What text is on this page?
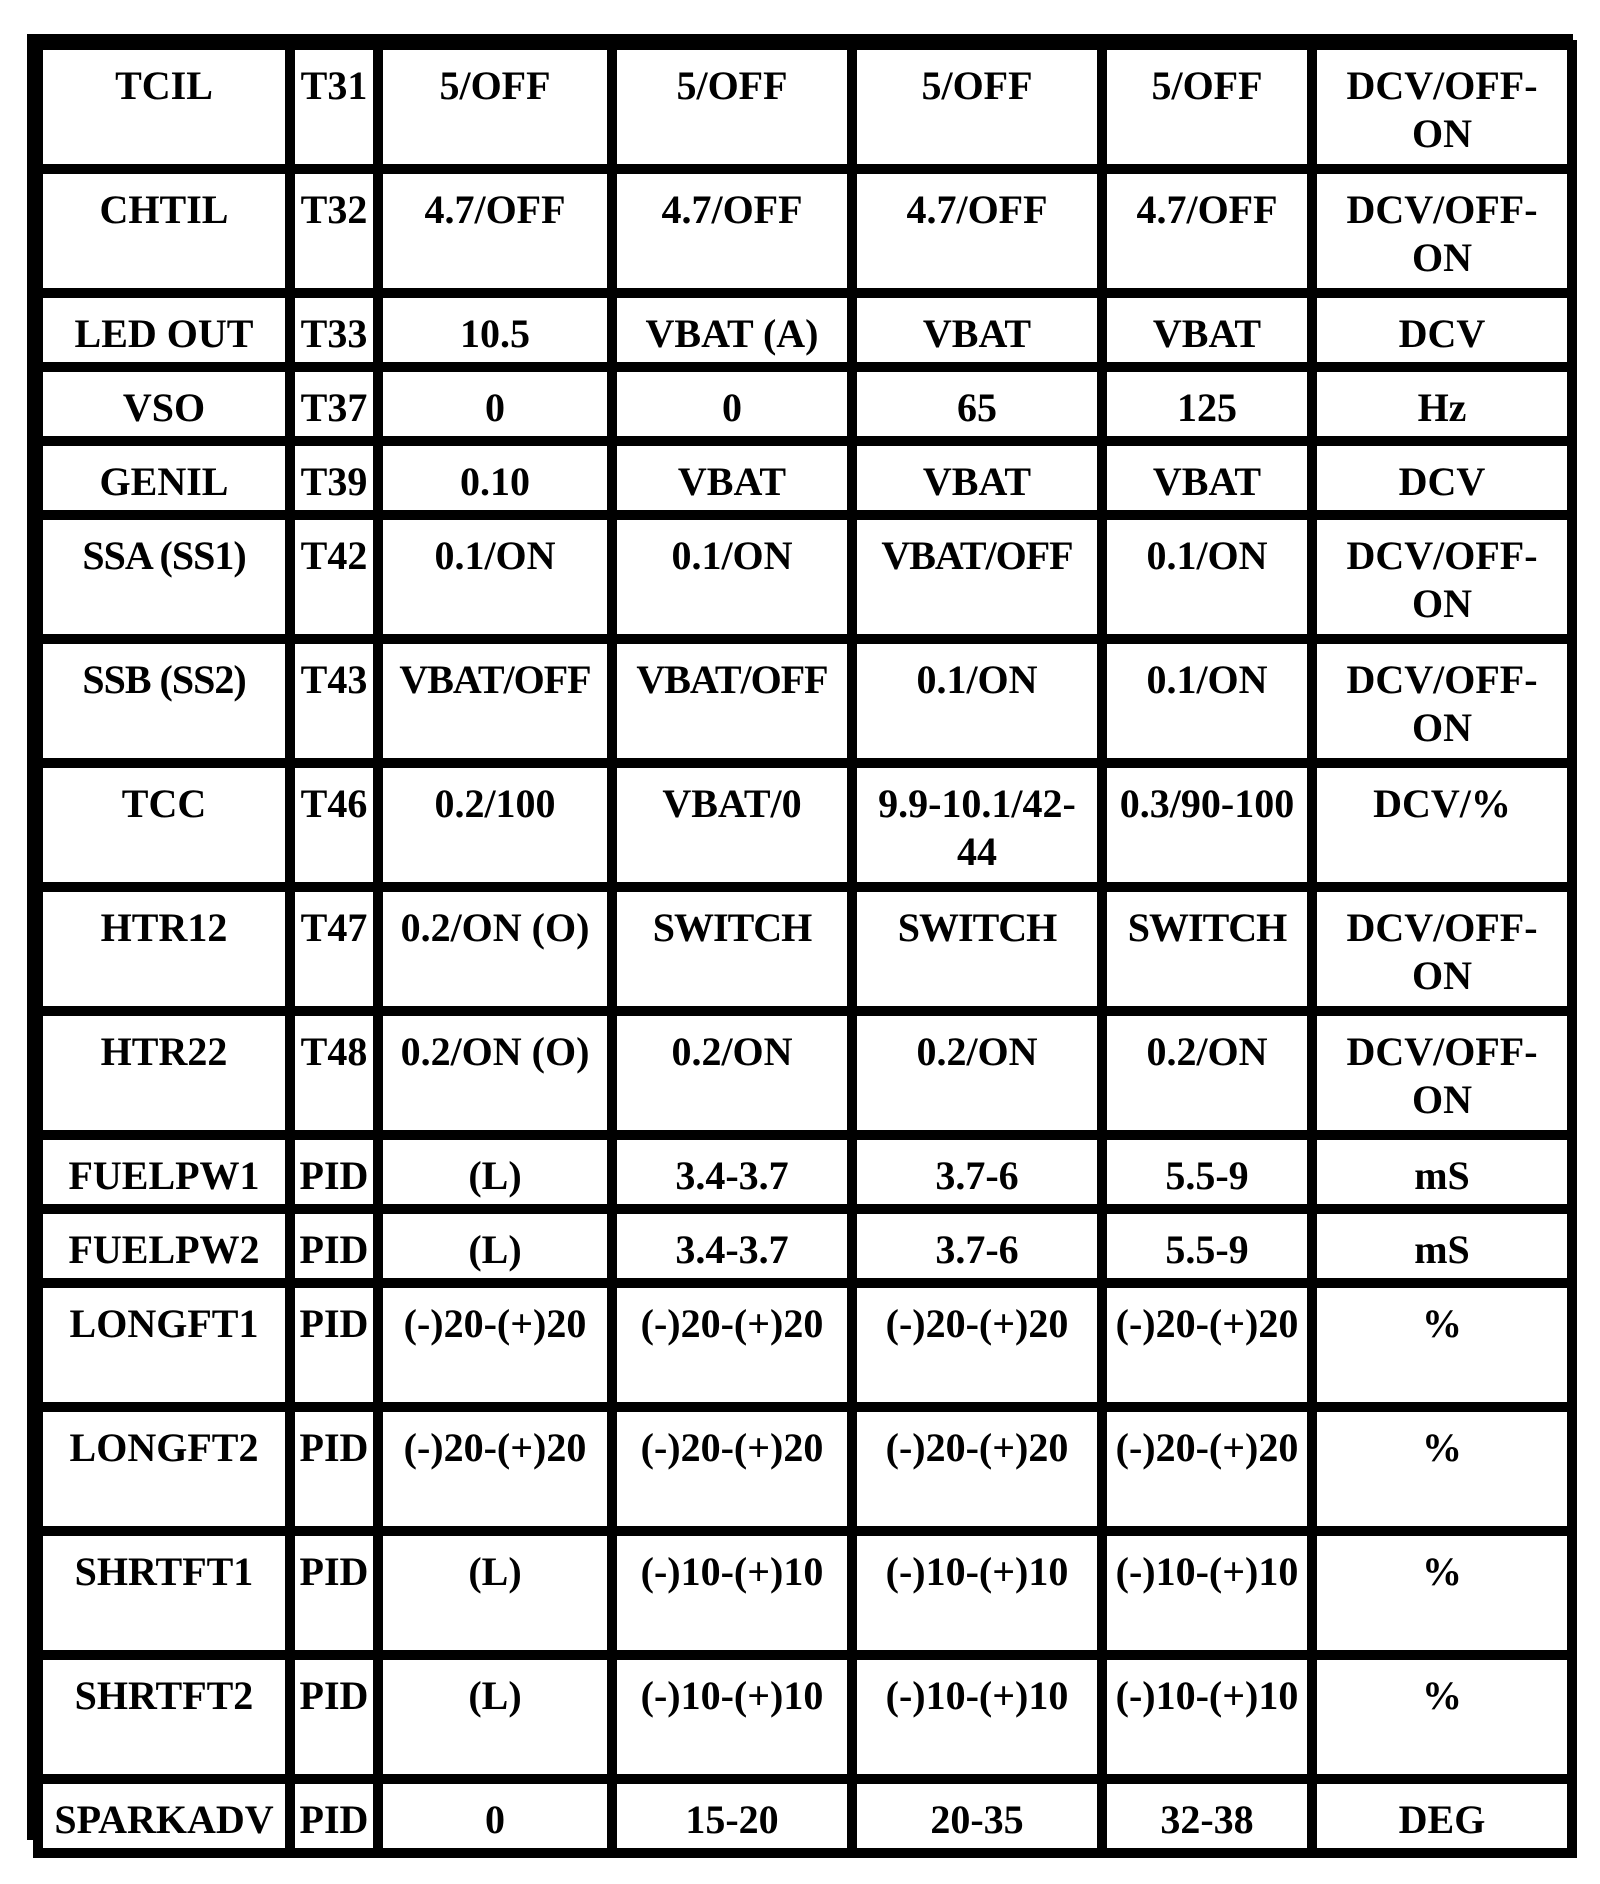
TCIL	T31	5/OFF	5/OFF	5/OFF	5/OFF	DCV/OFF-ON
CHTIL	T32	4.7/OFF	4.7/OFF	4.7/OFF	4.7/OFF	DCV/OFF-ON
LED OUT	T33	10.5	VBAT (A)	VBAT	VBAT	DCV
VSO	T37	0	0	65	125	Hz
GENIL	T39	0.10	VBAT	VBAT	VBAT	DCV
SSA (SS1)	T42	0.1/ON	0.1/ON	VBAT/OFF	0.1/ON	DCV/OFF-ON
SSB (SS2)	T43	VBAT/OFF	VBAT/OFF	0.1/ON	0.1/ON	DCV/OFF-ON
TCC	T46	0.2/100	VBAT/0	9.9-10.1/42-44	0.3/90-100	DCV/%
HTR12	T47	0.2/ON (O)	SWITCH	SWITCH	SWITCH	DCV/OFF-ON
HTR22	T48	0.2/ON (O)	0.2/ON	0.2/ON	0.2/ON	DCV/OFF-ON
FUELPW1	PID	(L)	3.4-3.7	3.7-6	5.5-9	mS
FUELPW2	PID	(L)	3.4-3.7	3.7-6	5.5-9	mS
LONGFT1	PID	(-)20-(+)20	(-)20-(+)20	(-)20-(+)20	(-)20-(+)20	%
LONGFT2	PID	(-)20-(+)20	(-)20-(+)20	(-)20-(+)20	(-)20-(+)20	%
SHRTFT1	PID	(L)	(-)10-(+)10	(-)10-(+)10	(-)10-(+)10	%
SHRTFT2	PID	(L)	(-)10-(+)10	(-)10-(+)10	(-)10-(+)10	%
SPARKADV	PID	0	15-20	20-35	32-38	DEG
